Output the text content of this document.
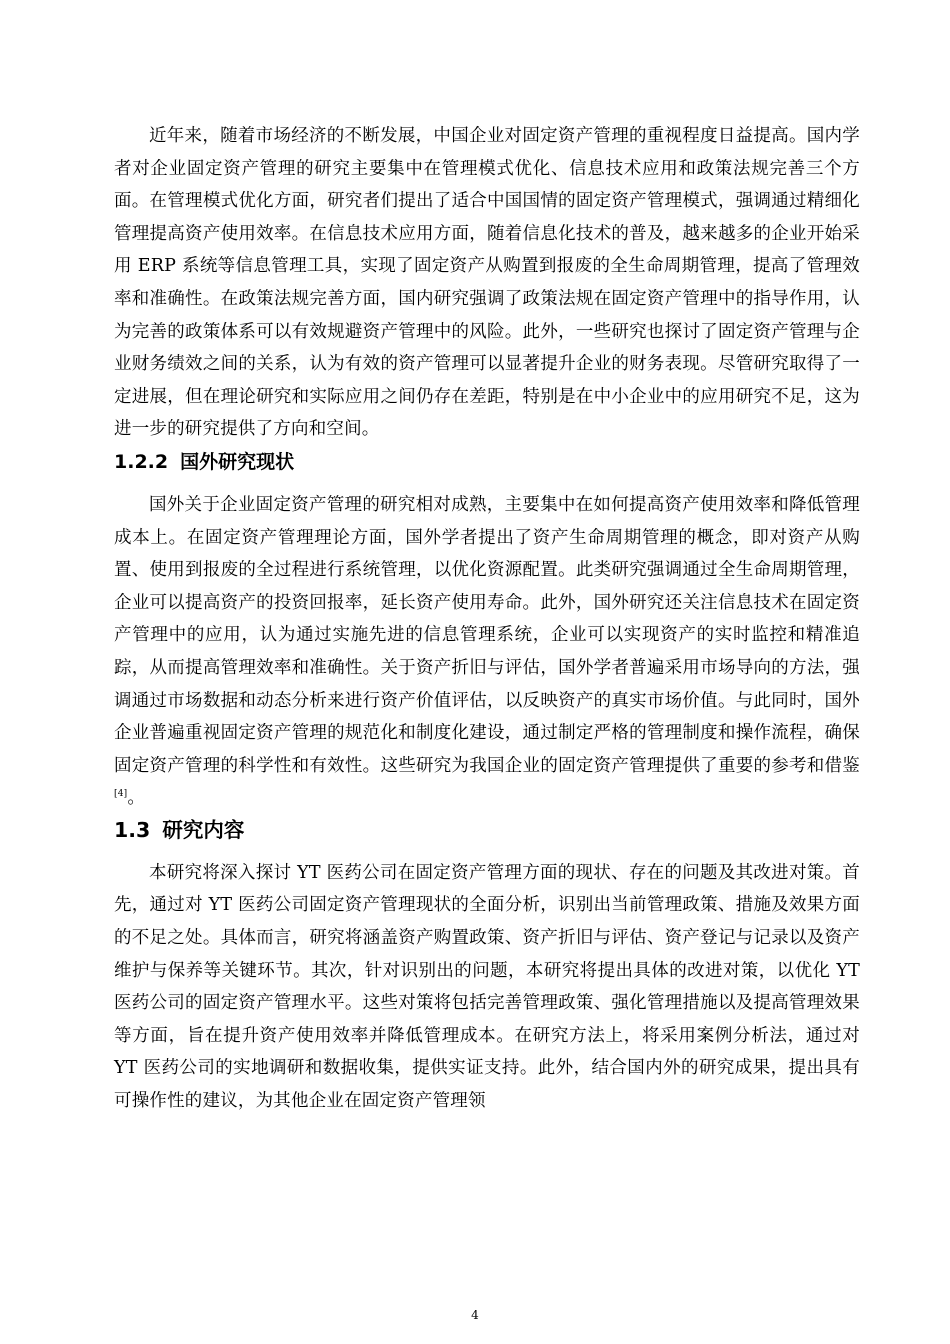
近年来，随着市场经济的不断发展，中国企业对固定资产管理的重视程度日益提高。国内学者对企业固定资产管理的研究主要集中在管理模式优化、信息技术应用和政策法规完善三个方面。在管理模式优化方面，研究者们提出了适合中国国情的固定资产管理模式，强调通过精细化管理提高资产使用效率。在信息技术应用方面，随着信息化技术的普及，越来越多的企业开始采用 ERP 系统等信息管理工具，实现了固定资产从购置到报废的全生命周期管理，提高了管理效率和准确性。在政策法规完善方面，国内研究强调了政策法规在固定资产管理中的指导作用，认为完善的政策体系可以有效规避资产管理中的风险。此外，一些研究也探讨了固定资产管理与企业财务绩效之间的关系，认为有效的资产管理可以显著提升企业的财务表现。尽管研究取得了一定进展，但在理论研究和实际应用之间仍存在差距，特别是在中小企业中的应用研究不足，这为进一步的研究提供了方向和空间。

1.2.2 国外研究现状

国外关于企业固定资产管理的研究相对成熟，主要集中在如何提高资产使用效率和降低管理成本上。在固定资产管理理论方面，国外学者提出了资产生命周期管理的概念，即对资产从购置、使用到报废的全过程进行系统管理，以优化资源配置。此类研究强调通过全生命周期管理，企业可以提高资产的投资回报率，延长资产使用寿命。此外，国外研究还关注信息技术在固定资产管理中的应用，认为通过实施先进的信息管理系统，企业可以实现资产的实时监控和精准追踪，从而提高管理效率和准确性。关于资产折旧与评估，国外学者普遍采用市场导向的方法，强调通过市场数据和动态分析来进行资产价值评估，以反映资产的真实市场价值。与此同时，国外企业普遍重视固定资产管理的规范化和制度化建设，通过制定严格的管理制度和操作流程，确保固定资产管理的科学性和有效性。这些研究为我国企业的固定资产管理提供了重要的参考和借鉴[4]。

1.3 研究内容

本研究将深入探讨 YT 医药公司在固定资产管理方面的现状、存在的问题及其改进对策。首先，通过对 YT 医药公司固定资产管理现状的全面分析，识别出当前管理政策、措施及效果方面的不足之处。具体而言，研究将涵盖资产购置政策、资产折旧与评估、资产登记与记录以及资产维护与保养等关键环节。其次，针对识别出的问题，本研究将提出具体的改进对策，以优化 YT 医药公司的固定资产管理水平。这些对策将包括完善管理政策、强化管理措施以及提高管理效果等方面，旨在提升资产使用效率并降低管理成本。在研究方法上，将采用案例分析法，通过对 YT 医药公司的实地调研和数据收集，提供实证支持。此外，结合国内外的研究成果，提出具有可操作性的建议，为其他企业在固定资产管理领

4
